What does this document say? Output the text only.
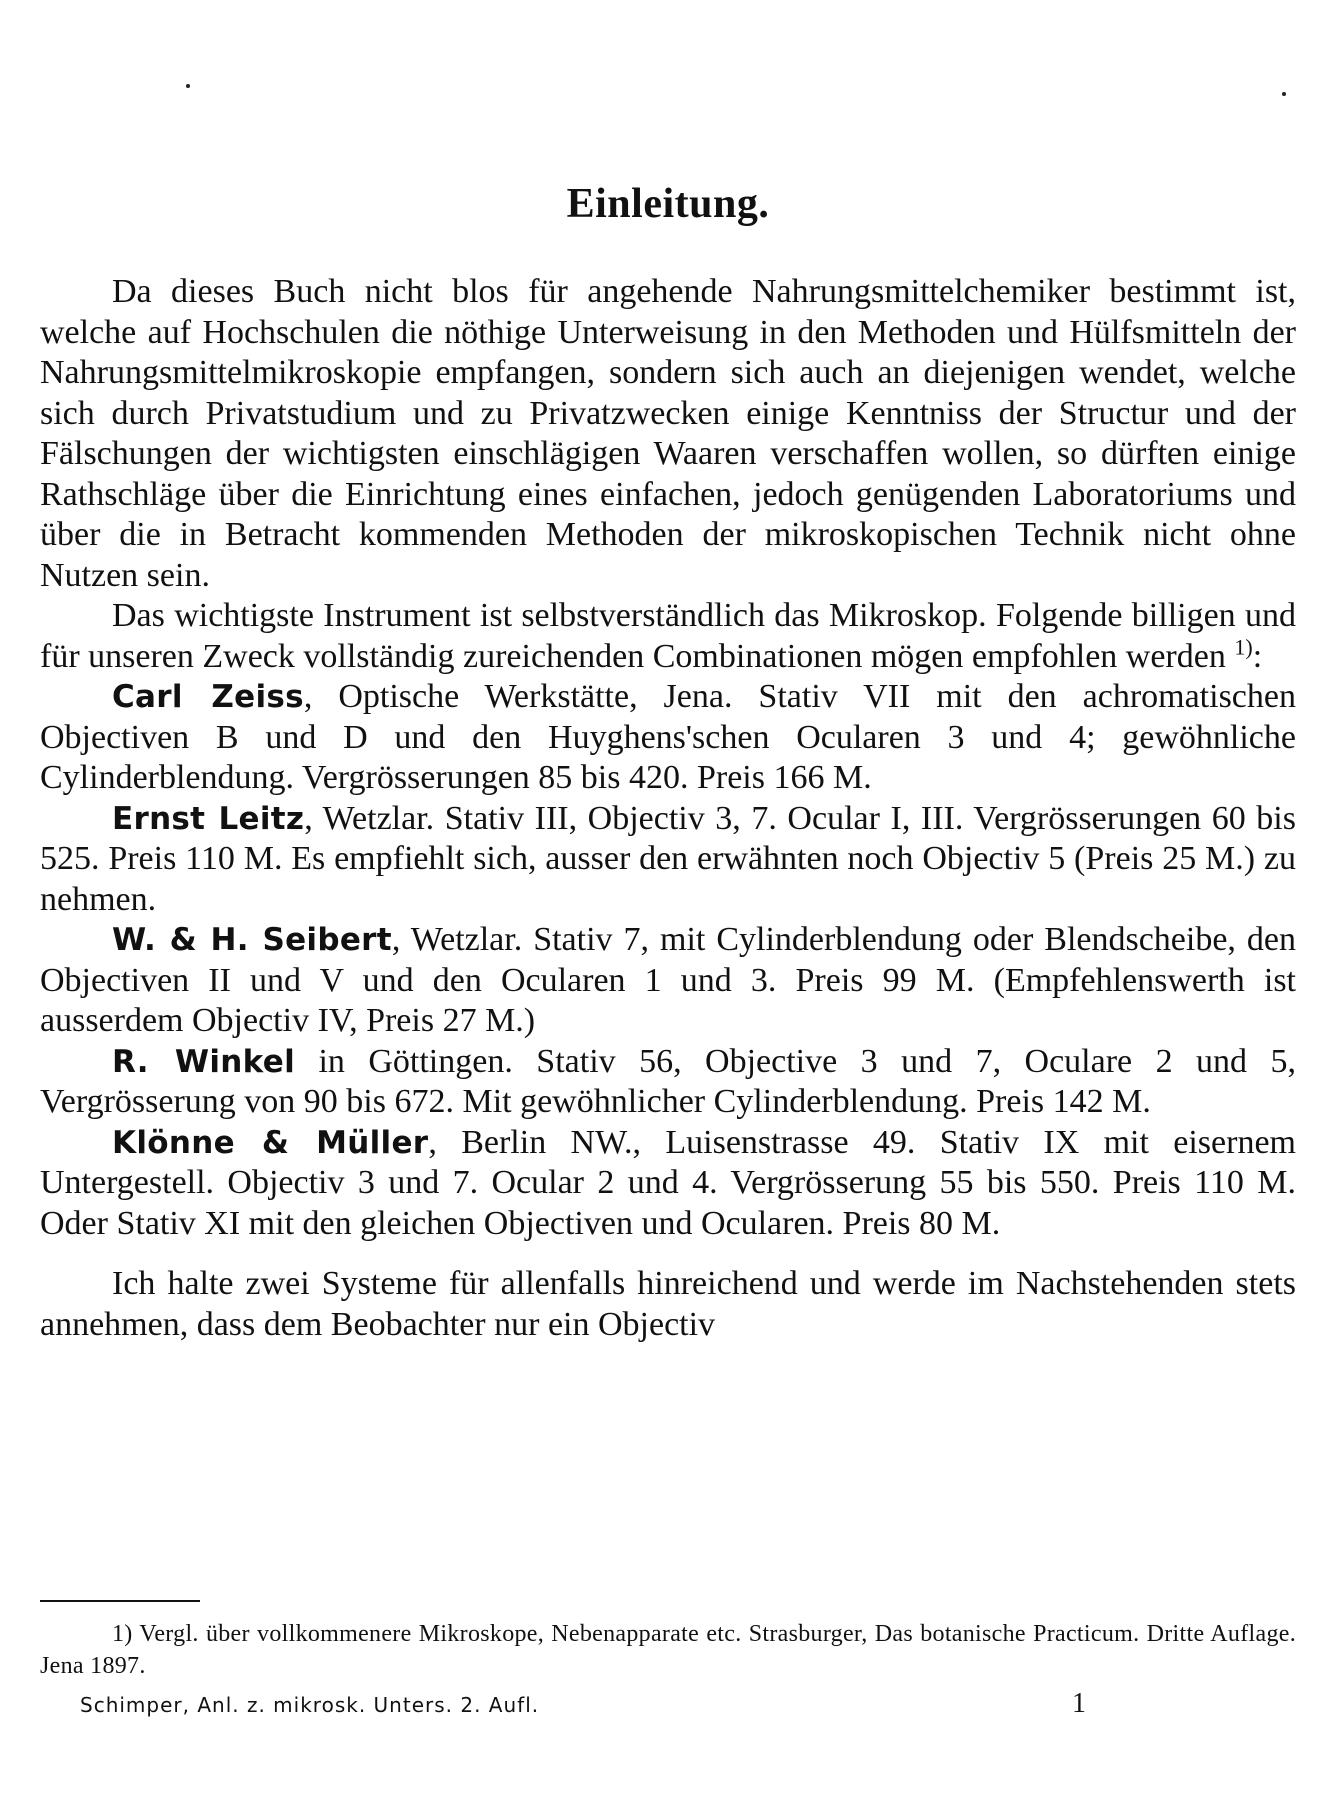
Einleitung.

Da dieses Buch nicht blos für angehende Nahrungsmittelchemiker bestimmt ist, welche auf Hochschulen die nöthige Unterweisung in den Methoden und Hülfsmitteln der Nahrungsmittelmikroskopie empfangen, sondern sich auch an diejenigen wendet, welche sich durch Privatstudium und zu Privatzwecken einige Kenntniss der Structur und der Fälschungen der wichtigsten einschlägigen Waaren verschaffen wollen, so dürften einige Rathschläge über die Einrichtung eines einfachen, jedoch genügenden Laboratoriums und über die in Betracht kommenden Methoden der mikroskopischen Technik nicht ohne Nutzen sein.

Das wichtigste Instrument ist selbstverständlich das Mikroskop. Folgende billigen und für unseren Zweck vollständig zureichenden Combinationen mögen empfohlen werden $^{1)}$:

Carl Zeiss, Optische Werkstätte, Jena. Stativ VII mit den achromatischen Objectiven B und D und den Huyghens'schen Ocularen 3 und 4; gewöhnliche Cylinderblendung. Vergrösserungen 85 bis 420. Preis 166 M.

Ernst Leitz, Wetzlar. Stativ III, Objectiv 3, 7. Ocular I, III. Vergrösserungen 60 bis 525. Preis 110 M. Es empfiehlt sich, ausser den erwähnten noch Objectiv 5 (Preis 25 M.) zu nehmen.

W. & H. Seibert, Wetzlar. Stativ 7, mit Cylinderblendung oder Blendscheibe, den Objectiven II und V und den Ocularen 1 und 3. Preis 99 M. (Empfehlenswerth ist ausserdem Objectiv IV, Preis 27 M.)

R. Winkel in Göttingen. Stativ 56, Objective 3 und 7, Oculare 2 und 5, Vergrösserung von 90 bis 672. Mit gewöhnlicher Cylinderblendung. Preis 142 M.

Klönne & Müller, Berlin NW., Luisenstrasse 49. Stativ IX mit eisernem Untergestell. Objectiv 3 und 7. Ocular 2 und 4. Vergrösserung 55 bis 550. Preis 110 M. Oder Stativ XI mit den gleichen Objectiven und Ocularen. Preis 80 M.

Ich halte zwei Systeme für allenfalls hinreichend und werde im Nachstehenden stets annehmen, dass dem Beobachter nur ein Objectiv

1) Vergl. über vollkommenere Mikroskope, Nebenapparate etc. Strasburger, Das botanische Practicum. Dritte Auflage. Jena 1897.

Schimper, Anl. z. mikrosk. Unters. 2. Aufl.	1
